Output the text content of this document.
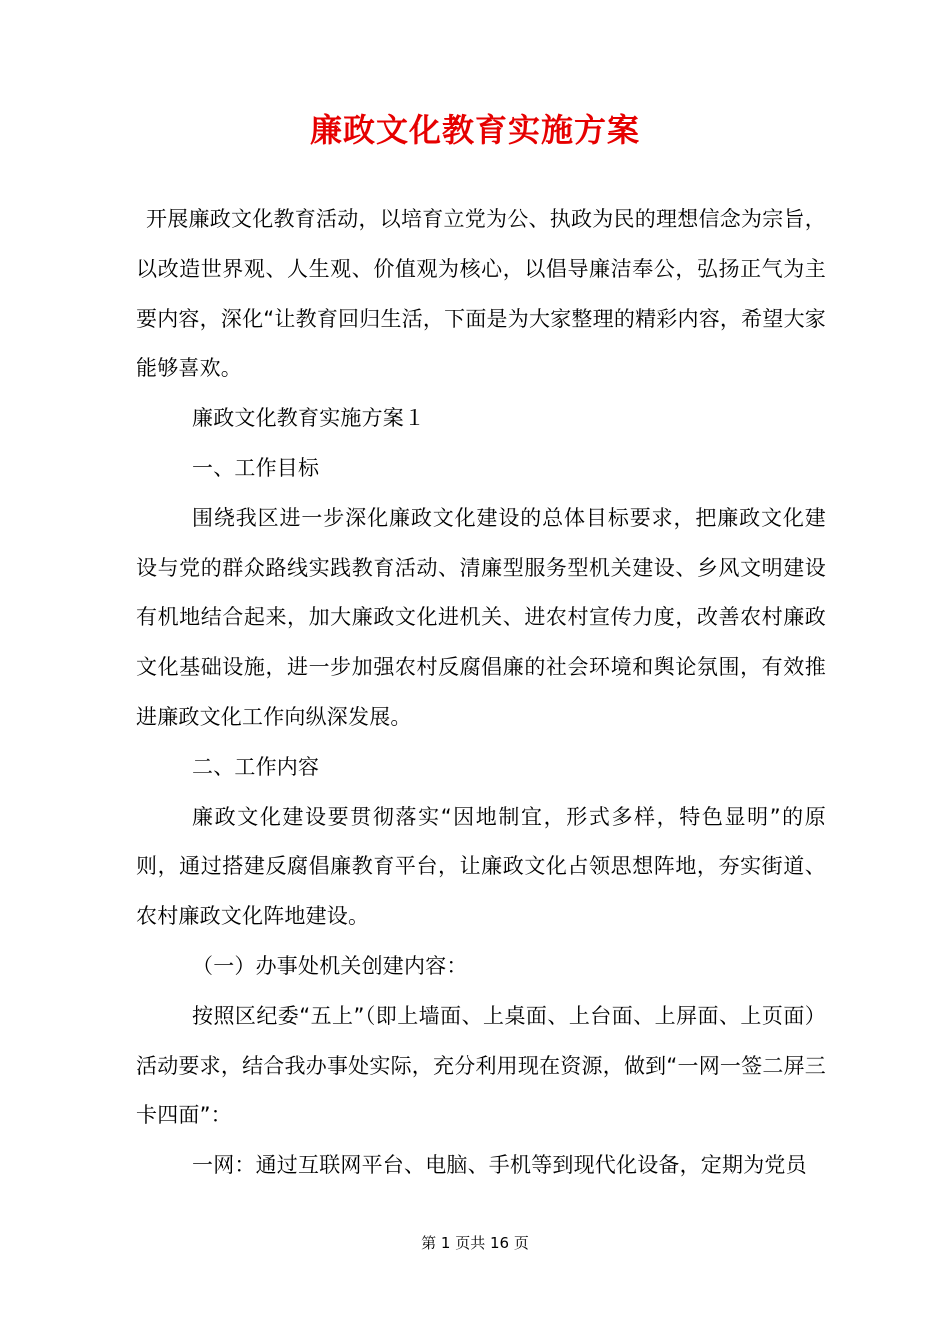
廉政文化教育实施方案

开展廉政文化教育活动，以培育立党为公、执政为民的理想信念为宗旨，以改造世界观、人生观、价值观为核心，以倡导廉洁奉公，弘扬正气为主要内容，深化“让教育回归生活，下面是为大家整理的精彩内容，希望大家能够喜欢。

廉政文化教育实施方案１

一、工作目标

围绕我区进一步深化廉政文化建设的总体目标要求，把廉政文化建设与党的群众路线实践教育活动、清廉型服务型机关建设、乡风文明建设有机地结合起来，加大廉政文化进机关、进农村宣传力度，改善农村廉政文化基础设施，进一步加强农村反腐倡廉的社会环境和舆论氛围，有效推进廉政文化工作向纵深发展。

二、工作内容

廉政文化建设要贯彻落实“因地制宜，形式多样，特色显明”的原则，通过搭建反腐倡廉教育平台，让廉政文化占领思想阵地，夯实街道、农村廉政文化阵地建设。

（一）办事处机关创建内容：

按照区纪委“五上”（即上墙面、上桌面、上台面、上屏面、上页面）活动要求，结合我办事处实际，充分利用现在资源，做到“一网一签二屏三卡四面”：

一网：通过互联网平台、电脑、手机等到现代化设备，定期为党员

第 1 页共 16 页
